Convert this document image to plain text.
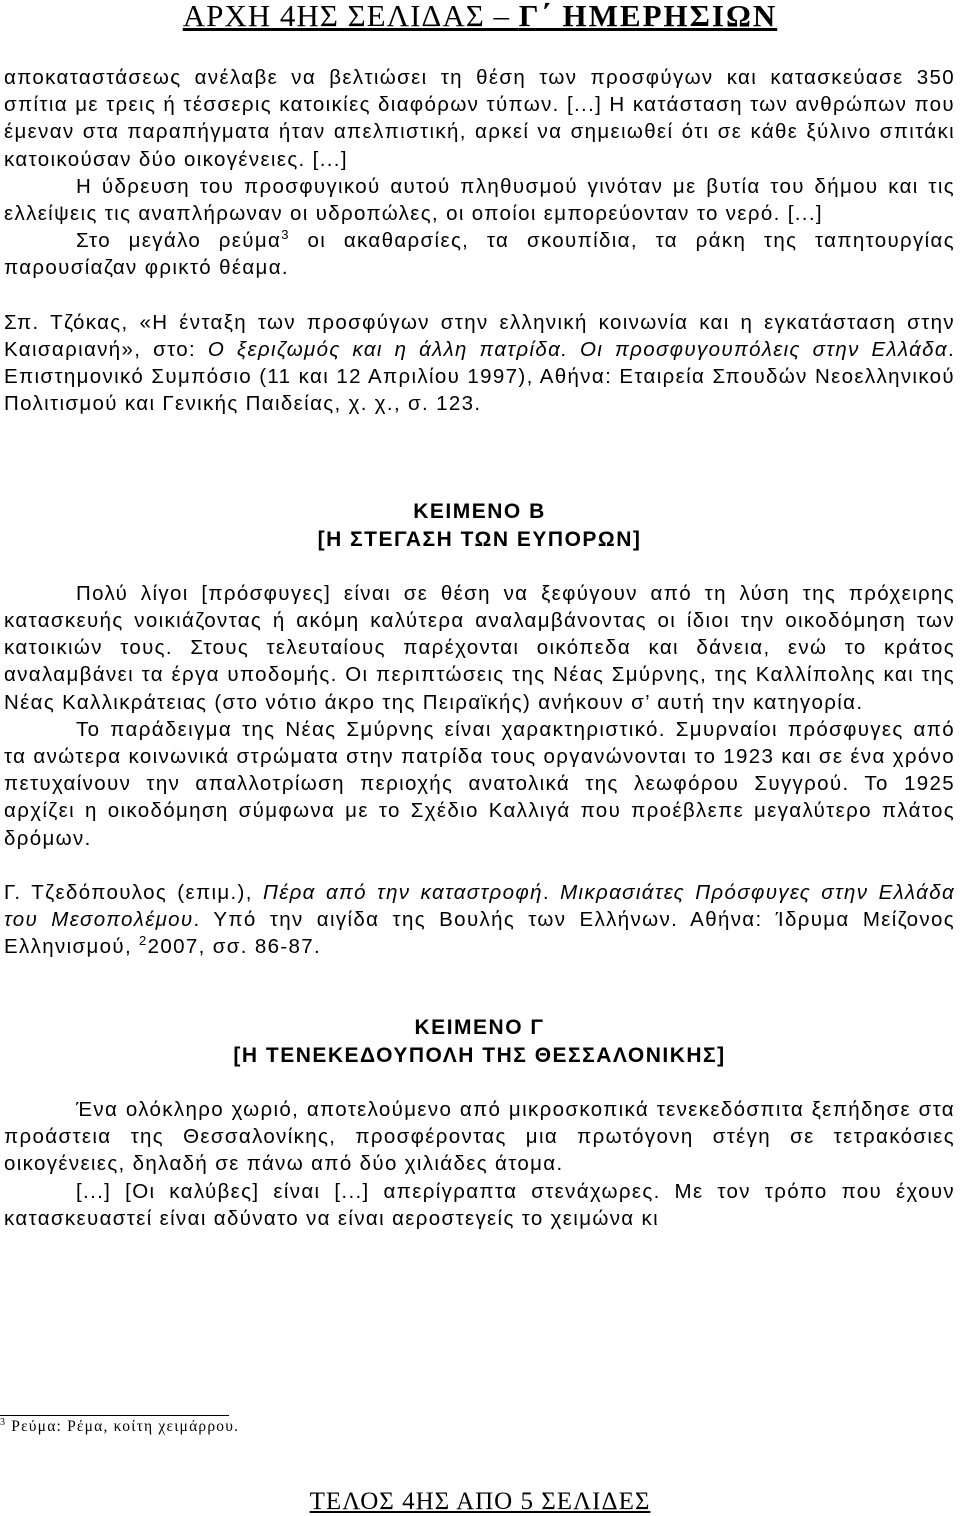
ΑΡΧΗ 4ΗΣ ΣΕΛΙΔΑΣ – Γ΄ ΗΜΕΡΗΣΙΩΝ

αποκαταστάσεως ανέλαβε να βελτιώσει τη θέση των προσφύγων και κατασκεύασε 350 σπίτια με τρεις ή τέσσερις κατοικίες διαφόρων τύπων. [...] Η κατάσταση των ανθρώπων που έμεναν στα παραπήγματα ήταν απελπιστική, αρκεί να σημειωθεί ότι σε κάθε ξύλινο σπιτάκι κατοικούσαν δύο οικογένειες. [...]

Η ύδρευση του προσφυγικού αυτού πληθυσμού γινόταν με βυτία του δήμου και τις ελλείψεις τις αναπλήρωναν οι υδροπώλες, οι οποίοι εμπορεύονταν το νερό. [...]

Στο μεγάλο ρεύμα$^3$ οι ακαθαρσίες, τα σκουπίδια, τα ράκη της ταπητουργίας παρουσίαζαν φρικτό θέαμα.

Σπ. Τζόκας, «Η ένταξη των προσφύγων στην ελληνική κοινωνία και η εγκατάσταση στην Καισαριανή», στο: Ο ξεριζωμός και η άλλη πατρίδα. Οι προσφυγουπόλεις στην Ελλάδα. Επιστημονικό Συμπόσιο (11 και 12 Απριλίου 1997), Αθήνα: Εταιρεία Σπουδών Νεοελληνικού Πολιτισμού και Γενικής Παιδείας, χ. χ., σ. 123.

ΚΕΙΜΕΝΟ Β

[Η ΣΤΕΓΑΣΗ ΤΩΝ ΕΥΠΟΡΩΝ]

Πολύ λίγοι [πρόσφυγες] είναι σε θέση να ξεφύγουν από τη λύση της πρόχειρης κατασκευής νοικιάζοντας ή ακόμη καλύτερα αναλαμβάνοντας οι ίδιοι την οικοδόμηση των κατοικιών τους. Στους τελευταίους παρέχονται οικόπεδα και δάνεια, ενώ το κράτος αναλαμβάνει τα έργα υποδομής. Οι περιπτώσεις της Νέας Σμύρνης, της Καλλίπολης και της Νέας Καλλικράτειας (στο νότιο άκρο της Πειραϊκής) ανήκουν σ’ αυτή την κατηγορία.

Το παράδειγμα της Νέας Σμύρνης είναι χαρακτηριστικό. Σμυρναίοι πρόσφυγες από τα ανώτερα κοινωνικά στρώματα στην πατρίδα τους οργανώνονται το 1923 και σε ένα χρόνο πετυχαίνουν την απαλλοτρίωση περιοχής ανατολικά της λεωφόρου Συγγρού. Το 1925 αρχίζει η οικοδόμηση σύμφωνα με το Σχέδιο Καλλιγά που προέβλεπε μεγαλύτερο πλάτος δρόμων.

Γ. Τζεδόπουλος (επιμ.), Πέρα από την καταστροφή. Μικρασιάτες Πρόσφυγες στην Ελλάδα του Μεσοπολέμου. Υπό την αιγίδα της Βουλής των Ελλήνων. Αθήνα: Ίδρυμα Μείζονος Ελληνισμού, $^2$2007, σσ. 86-87.

ΚΕΙΜΕΝΟ Γ

[Η ΤΕΝΕΚΕΔΟΥΠΟΛΗ ΤΗΣ ΘΕΣΣΑΛΟΝΙΚΗΣ]

Ένα ολόκληρο χωριό, αποτελούμενο από μικροσκοπικά τενεκεδόσπιτα ξεπήδησε στα προάστεια της Θεσσαλονίκης, προσφέροντας μια πρωτόγονη στέγη σε τετρακόσιες οικογένειες, δηλαδή σε πάνω από δύο χιλιάδες άτομα.

[...] [Οι καλύβες] είναι [...] απερίγραπτα στενάχωρες. Με τον τρόπο που έχουν κατασκευαστεί είναι αδύνατο να είναι αεροστεγείς το χειμώνα κι

$^3$ Ρεύμα: Ρέμα, κοίτη χειμάρρου.
ΤΕΛΟΣ 4ΗΣ ΑΠΟ 5 ΣΕΛΙΔΕΣ
